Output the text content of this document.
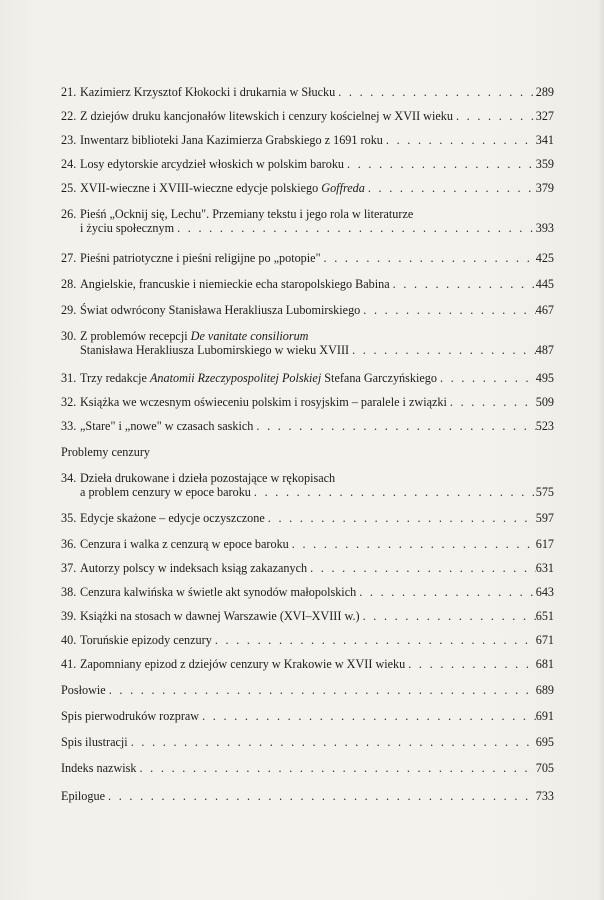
21. Kazimierz Krzysztof Kłokocki i drukarnia w Słucku . . .	289
22. Z dziejów druku kancjonałów litewskich i cenzury kościelnej w XVII wieku . . .	327
23. Inwentarz biblioteki Jana Kazimierza Grabskiego z 1691 roku . . .	341
24. Losy edytorskie arcydzieł włoskich w polskim baroku . . .	359
25. XVII-wieczne i XVIII-wieczne edycje polskiego Goffreda . . .	379
26. Pieśń „Ocknij się, Lechu". Przemiany tekstu i jego rola w literaturze
i życiu społecznym . . .	393
27. Pieśni patriotyczne i pieśni religijne po „potopie" . . .	425
28. Angielskie, francuskie i niemieckie echa staropolskiego Babina . . .	445
29. Świat odwrócony Stanisława Herakliusza Lubomirskiego . . .	467
30. Z problemów recepcji De vanitate consiliorum
Stanisława Herakliusza Lubomirskiego w wieku XVIII . . .	487
31. Trzy redakcje Anatomii Rzeczypospolitej Polskiej Stefana Garczyńskiego . . .	495
32. Książka we wczesnym oświeceniu polskim i rosyjskim – paralele i związki . . .	509
33. „Stare" i „nowe" w czasach saskich . . .	523
Problemy cenzury
34. Dzieła drukowane i dzieła pozostające w rękopisach
a problem cenzury w epoce baroku . . .	575
35. Edycje skażone – edycje oczyszczone . . .	597
36. Cenzura i walka z cenzurą w epoce baroku . . .	617
37. Autorzy polscy w indeksach ksiąg zakazanych . . .	631
38. Cenzura kalwińska w świetle akt synodów małopolskich . . .	643
39. Książki na stosach w dawnej Warszawie (XVI–XVIII w.) . . .	651
40. Toruńskie epizody cenzury . . .	671
41. Zapomniany epizod z dziejów cenzury w Krakowie w XVII wieku . . .	681
Posłowie . . .	689
Spis pierwodruków rozpraw . . .	691
Spis ilustracji . . .	695
Indeks nazwisk . . .	705
Epilogue . . .	733
